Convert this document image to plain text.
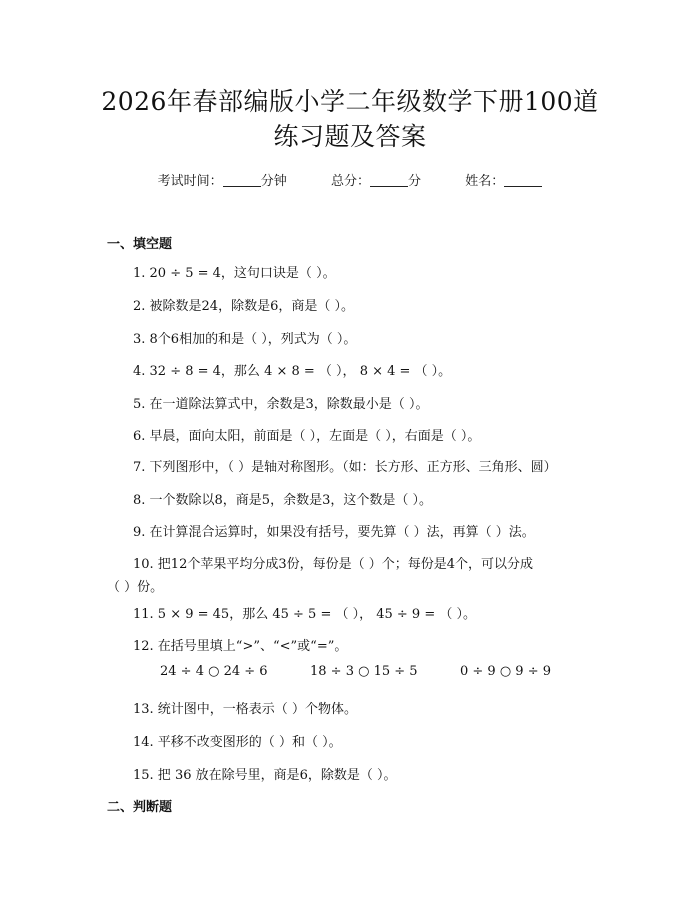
2026年春部编版小学二年级数学下册100道
练习题及答案
考试时间：	分钟	总分：	分	姓名：
一、填空题
1. 20 ÷ 5 = 4，这句口诀是（ ）。
2. 被除数是24，除数是6，商是（ ）。
3. 8个6相加的和是（ ），列式为（ ）。
4. 32 ÷ 8 = 4，那么 4 × 8 = （ ）， 8 × 4 = （ ）。
5. 在一道除法算式中，余数是3，除数最小是（ ）。
6. 早晨，面向太阳，前面是（ ），左面是（ ），右面是（ ）。
7. 下列图形中，（ ）是轴对称图形。（如：长方形、正方形、三角形、圆）
8. 一个数除以8，商是5，余数是3，这个数是（ ）。
9. 在计算混合运算时，如果没有括号，要先算（ ）法，再算（ ）法。
10. 把12个苹果平均分成3份，每份是（ ）个；每份是4个，可以分成
（ ）份。
11. 5 × 9 = 45，那么 45 ÷ 5 = （ ）， 45 ÷ 9 = （ ）。
12. 在括号里填上“>”、“<”或“=”。
24 ÷ 4 ○ 24 ÷ 6	18 ÷ 3 ○ 15 ÷ 5	0 ÷ 9 ○ 9 ÷ 9
13. 统计图中，一格表示（ ）个物体。
14. 平移不改变图形的（ ）和（ ）。
15. 把 36 放在除号里，商是6，除数是（ ）。
二、判断题
